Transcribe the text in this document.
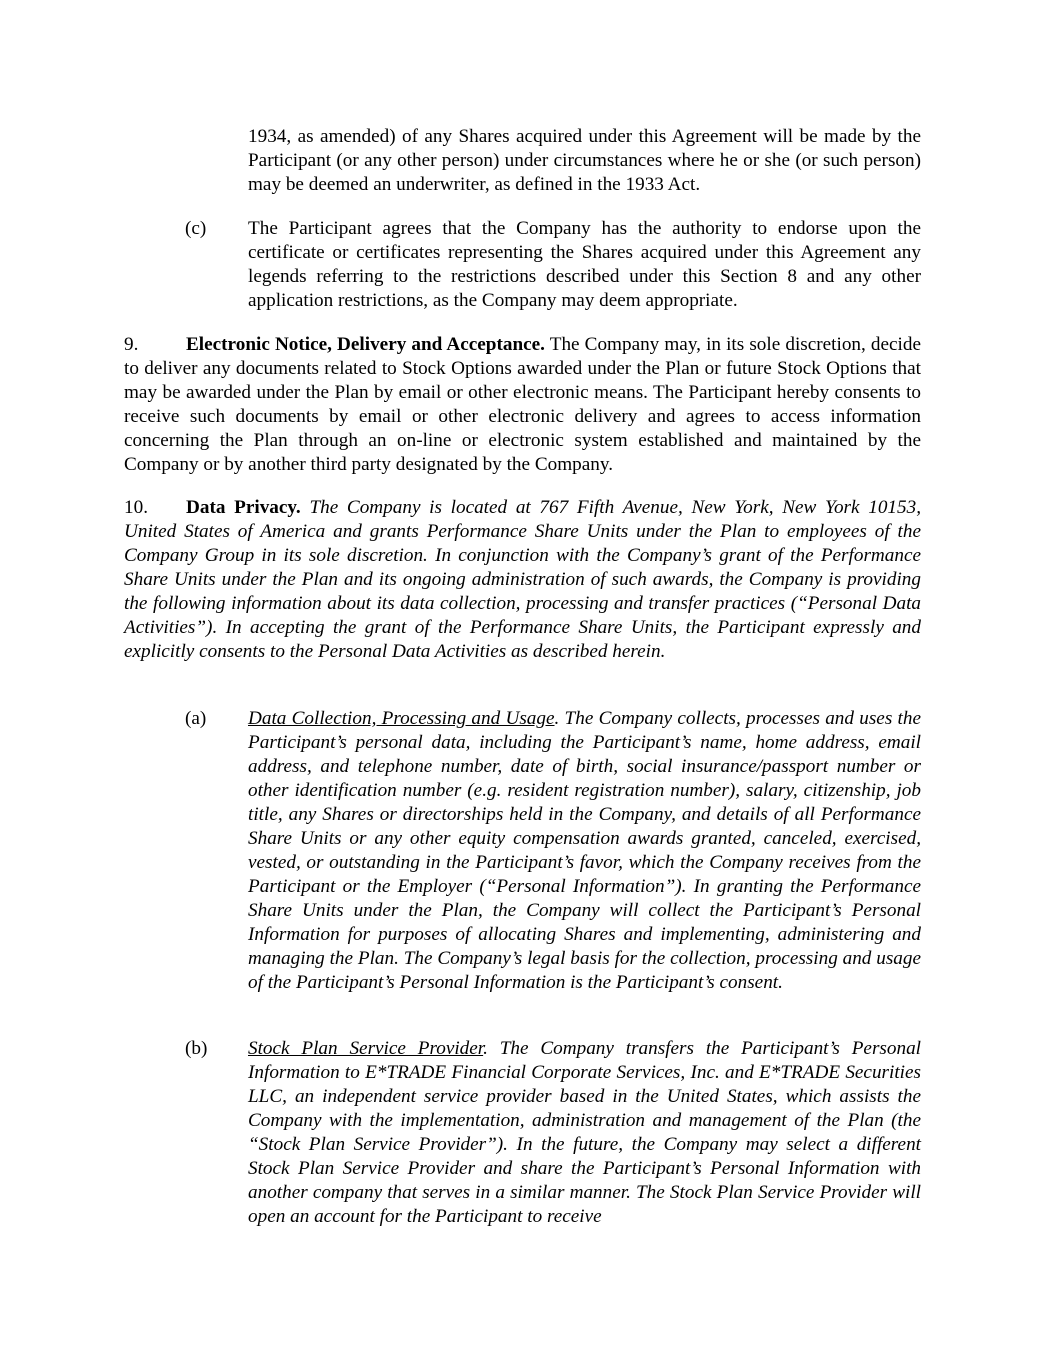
1934, as amended) of any Shares acquired under this Agreement will be made by the Participant (or any other person) under circumstances where he or she (or such person) may be deemed an underwriter, as defined in the 1933 Act.

(c)	The Participant agrees that the Company has the authority to endorse upon the certificate or certificates representing the Shares acquired under this Agreement any legends referring to the restrictions described under this Section 8 and any other application restrictions, as the Company may deem appropriate.

9. Electronic Notice, Delivery and Acceptance. The Company may, in its sole discretion, decide to deliver any documents related to Stock Options awarded under the Plan or future Stock Options that may be awarded under the Plan by email or other electronic means. The Participant hereby consents to receive such documents by email or other electronic delivery and agrees to access information concerning the Plan through an on-line or electronic system established and maintained by the Company or by another third party designated by the Company.

10. Data Privacy. The Company is located at 767 Fifth Avenue, New York, New York 10153, United States of America and grants Performance Share Units under the Plan to employees of the Company Group in its sole discretion. In conjunction with the Company’s grant of the Performance Share Units under the Plan and its ongoing administration of such awards, the Company is providing the following information about its data collection, processing and transfer practices (“Personal Data Activities”). In accepting the grant of the Performance Share Units, the Participant expressly and explicitly consents to the Personal Data Activities as described herein.

(a)	Data Collection, Processing and Usage. The Company collects, processes and uses the Participant’s personal data, including the Participant’s name, home address, email address, and telephone number, date of birth, social insurance/passport number or other identification number (e.g. resident registration number), salary, citizenship, job title, any Shares or directorships held in the Company, and details of all Performance Share Units or any other equity compensation awards granted, canceled, exercised, vested, or outstanding in the Participant’s favor, which the Company receives from the Participant or the Employer (“Personal Information”). In granting the Performance Share Units under the Plan, the Company will collect the Participant’s Personal Information for purposes of allocating Shares and implementing, administering and managing the Plan. The Company’s legal basis for the collection, processing and usage of the Participant’s Personal Information is the Participant’s consent.

(b)	Stock Plan Service Provider. The Company transfers the Participant’s Personal Information to E*TRADE Financial Corporate Services, Inc. and E*TRADE Securities LLC, an independent service provider based in the United States, which assists the Company with the implementation, administration and management of the Plan (the “Stock Plan Service Provider”). In the future, the Company may select a different Stock Plan Service Provider and share the Participant’s Personal Information with another company that serves in a similar manner. The Stock Plan Service Provider will open an account for the Participant to receive
